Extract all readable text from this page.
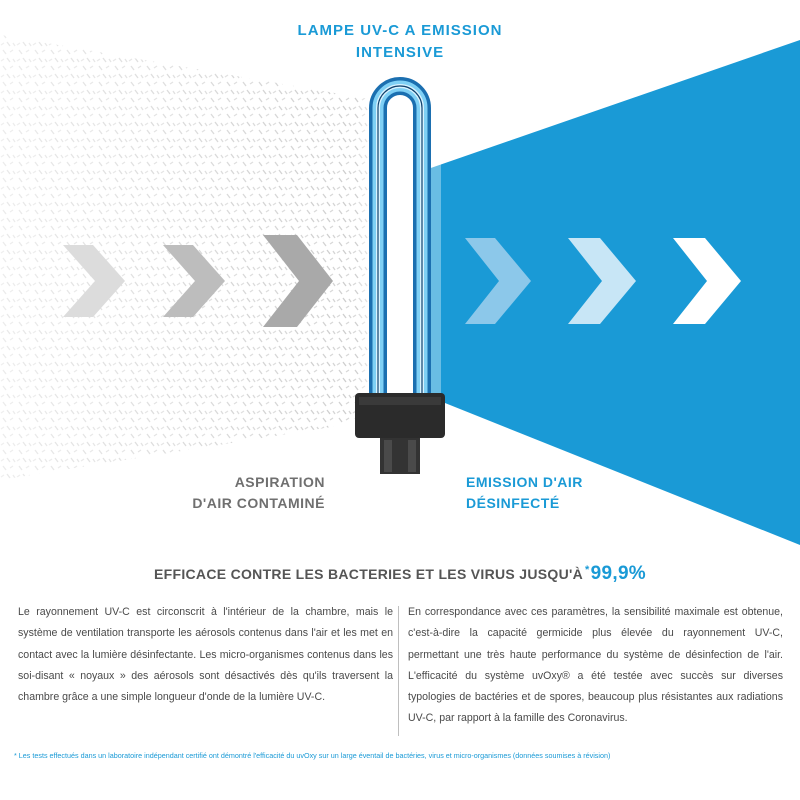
LAMPE UV-C A EMISSION
INTENSIVE
ASPIRATION
D'AIR CONTAMINÉ
EMISSION D'AIR
DÉSINFECTÉ
EFFICACE CONTRE LES BACTERIES ET LES VIRUS JUSQU'À *99,9%
Le rayonnement UV-C est circonscrit à l'intérieur de la chambre, mais le système de ventilation transporte les aérosols contenus dans l'air et les met en contact avec la lumière désinfectante. Les micro-organismes contenus dans les soi-disant « noyaux » des aérosols sont désactivés dès qu'ils traversent la chambre grâce a une simple longueur d'onde de la lumière UV-C.
En correspondance avec ces paramètres, la sensibilité maximale est obtenue, c'est-à-dire la capacité germicide plus élevée du rayonnement UV-C, permettant une très haute performance du système de désinfection de l'air. L'efficacité du système uvOxy® a été testée avec succès sur diverses typologies de bactéries et de spores, beaucoup plus résistantes aux radiations UV-C, par rapport à la famille des Coronavirus.
* Les tests effectués dans un laboratoire indépendant certifié ont démontré l'efficacité du uvOxy sur un large éventail de bactéries, virus et micro-organismes (données soumises à révision)
